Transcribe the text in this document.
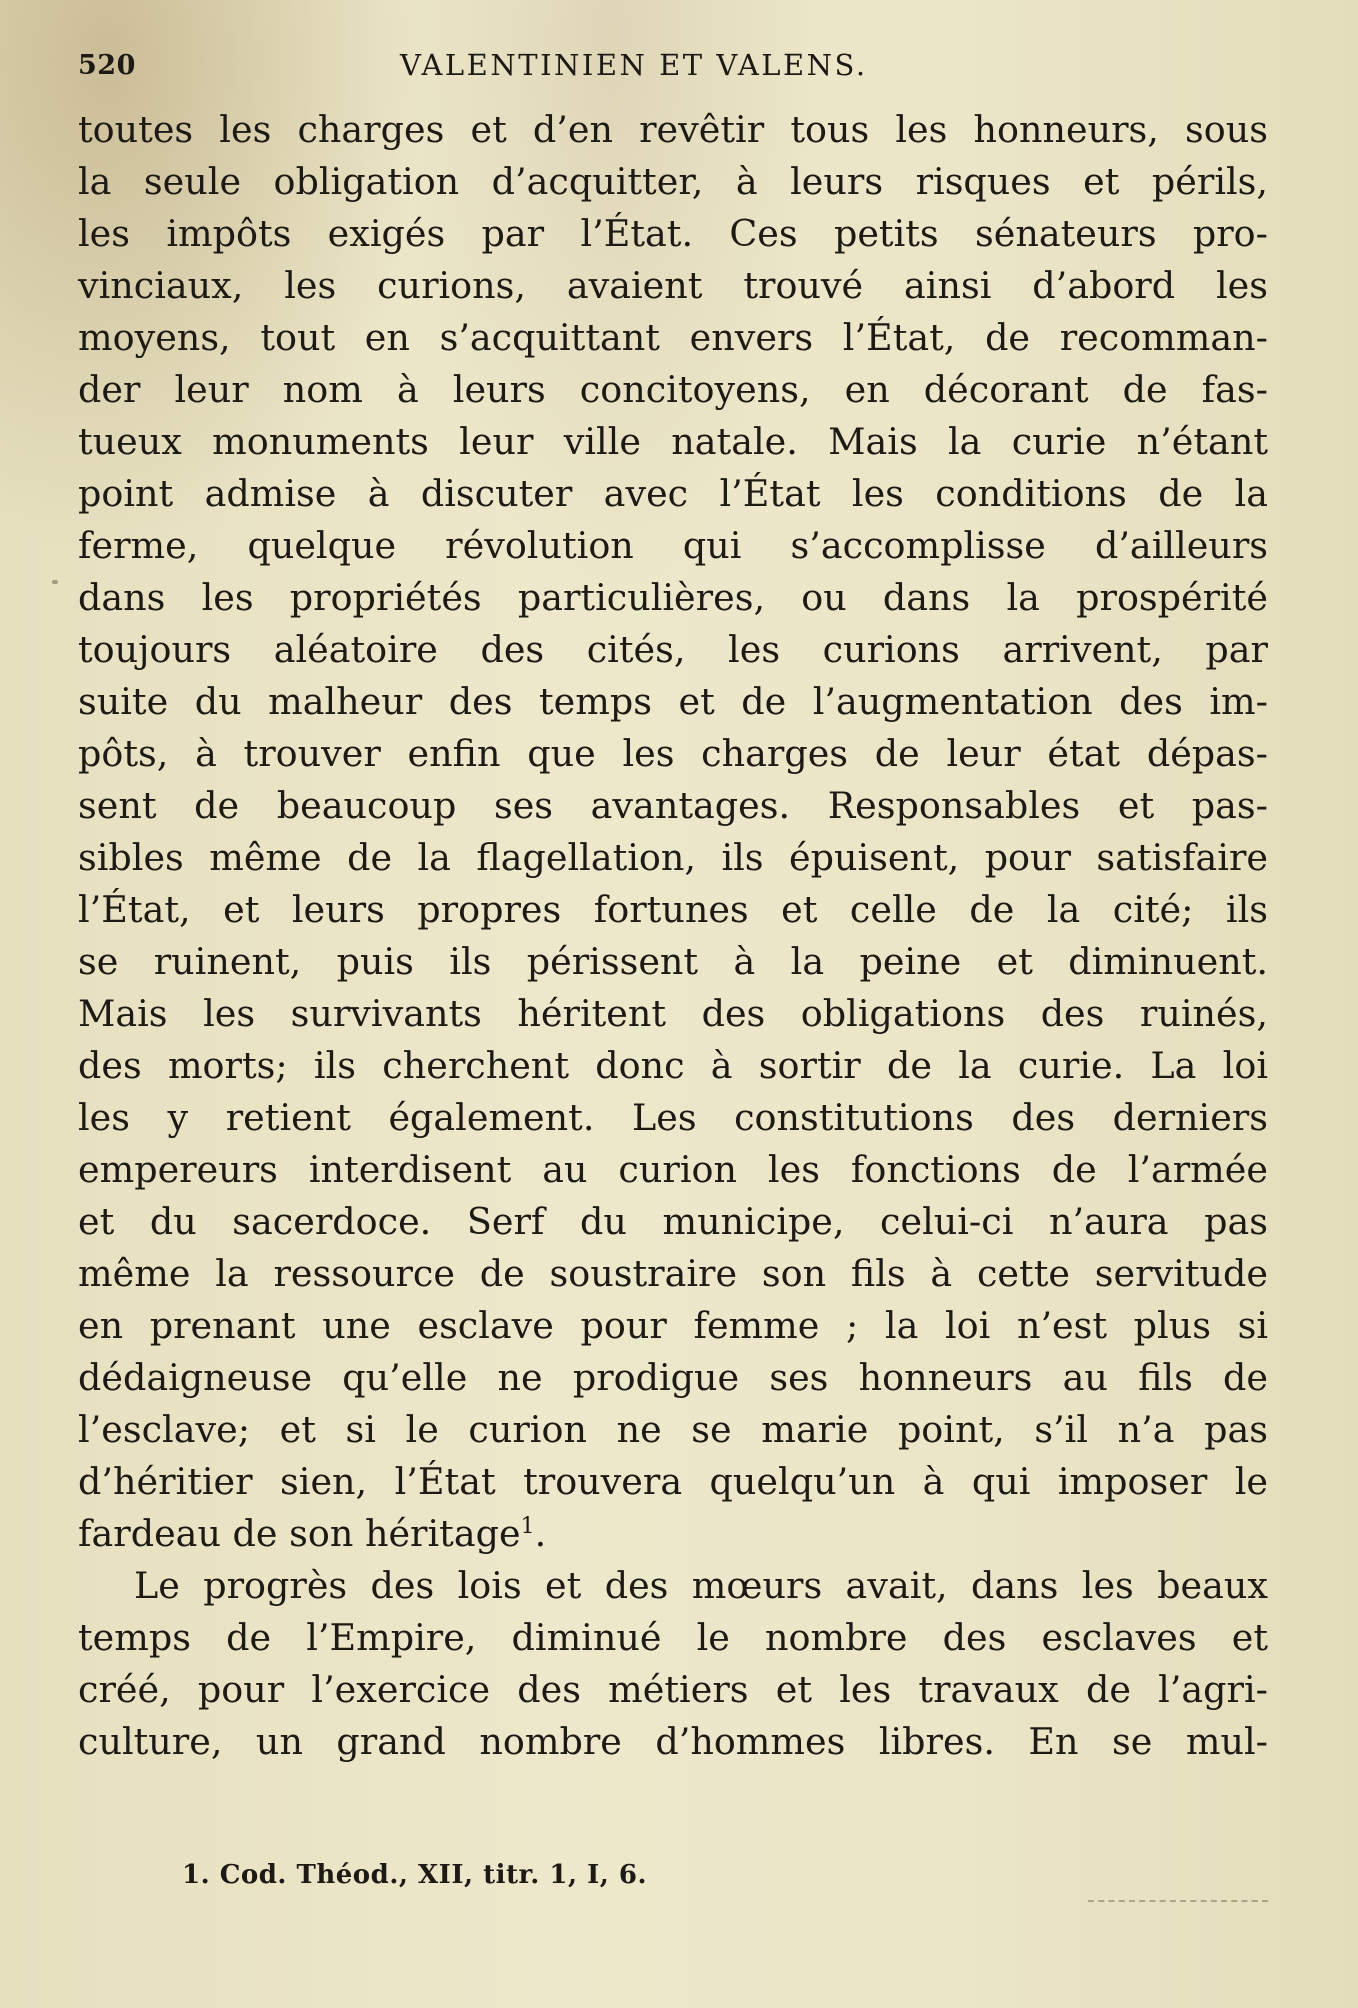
520	VALENTINIEN ET VALENS.
toutes les charges et d’en revêtir tous les honneurs, sous
la seule obligation d’acquitter, à leurs risques et périls,
les impôts exigés par l’État. Ces petits sénateurs pro-
vinciaux, les curions, avaient trouvé ainsi d’abord les
moyens, tout en s’acquittant envers l’État, de recomman-
der leur nom à leurs concitoyens, en décorant de fas-
tueux monuments leur ville natale. Mais la curie n’étant
point admise à discuter avec l’État les conditions de la
ferme, quelque révolution qui s’accomplisse d’ailleurs
dans les propriétés particulières, ou dans la prospérité
toujours aléatoire des cités, les curions arrivent, par
suite du malheur des temps et de l’augmentation des im-
pôts, à trouver enfin que les charges de leur état dépas-
sent de beaucoup ses avantages. Responsables et pas-
sibles même de la flagellation, ils épuisent, pour satisfaire
l’État, et leurs propres fortunes et celle de la cité; ils
se ruinent, puis ils périssent à la peine et diminuent.
Mais les survivants héritent des obligations des ruinés,
des morts; ils cherchent donc à sortir de la curie. La loi
les y retient également. Les constitutions des derniers
empereurs interdisent au curion les fonctions de l’armée
et du sacerdoce. Serf du municipe, celui-ci n’aura pas
même la ressource de soustraire son fils à cette servitude
en prenant une esclave pour femme ; la loi n’est plus si
dédaigneuse qu’elle ne prodigue ses honneurs au fils de
l’esclave; et si le curion ne se marie point, s’il n’a pas
d’héritier sien, l’État trouvera quelqu’un à qui imposer le
fardeau de son héritage$^1$.
Le progrès des lois et des mœurs avait, dans les beaux
temps de l’Empire, diminué le nombre des esclaves et
créé, pour l’exercice des métiers et les travaux de l’agri-
culture, un grand nombre d’hommes libres. En se mul-
1. Cod. Théod., XII, titr. 1, I, 6.
